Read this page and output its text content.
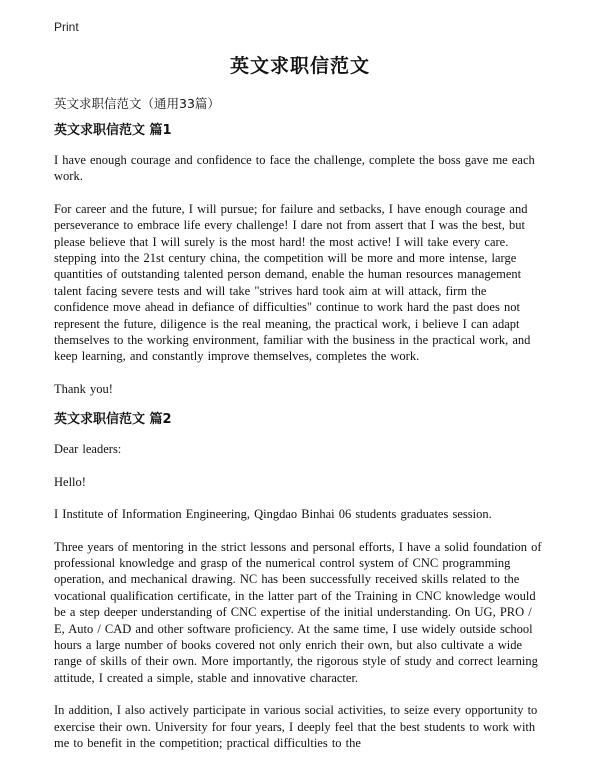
Print
英文求职信范文
英文求职信范文（通用33篇）
英文求职信范文 篇1

I have enough courage and confidence to face the challenge, complete the boss gave me each work.

For career and the future, I will pursue; for failure and setbacks, I have enough courage and perseverance to embrace life every challenge! I dare not from assert that I was the best, but please believe that I will surely is the most hard! the most active! I will take every care. stepping into the 21st century china, the competition will be more and more intense, large quantities of outstanding talented person demand, enable the human resources management talent facing severe tests and will take "strives hard took aim at will attack, firm the confidence move ahead in defiance of difficulties" continue to work hard the past does not represent the future, diligence is the real meaning, the practical work, i believe I can adapt themselves to the working environment, familiar with the business in the practical work, and keep learning, and constantly improve themselves, completes the work.

Thank you!

英文求职信范文 篇2

Dear leaders:

Hello!

I Institute of Information Engineering, Qingdao Binhai 06 students graduates session.

Three years of mentoring in the strict lessons and personal efforts, I have a solid foundation of professional knowledge and grasp of the numerical control system of CNC programming operation, and mechanical drawing. NC has been successfully received skills related to the vocational qualification certificate, in the latter part of the Training in CNC knowledge would be a step deeper understanding of CNC expertise of the initial understanding. On UG, PRO / E, Auto / CAD and other software proficiency. At the same time, I use widely outside school hours a large number of books covered not only enrich their own, but also cultivate a wide range of skills of their own. More importantly, the rigorous style of study and correct learning attitude, I created a simple, stable and innovative character.

In addition, I also actively participate in various social activities, to seize every opportunity to exercise their own. University for four years, I deeply feel that the best students to work with me to benefit in the competition; practical difficulties to the
